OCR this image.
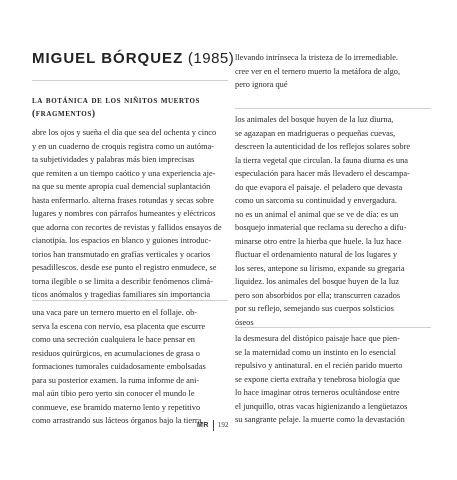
MIGUEL BÓRQUEZ (1985)
la botánica de los niñitos muertos
(fragmentos)

llevando intrínseca la tristeza de lo irremediable.
cree ver en el ternero muerto la metáfora de algo,
pero ignora qué

abre los ojos y sueña el día que sea del ochenta y cinco
y en un cuaderno de croquis registra como un autóma-
ta subjetividades y palabras más bien imprecisas
que remiten a un tiempo caótico y una experiencia aje-
na que su mente apropia cual demencial suplantación
hasta enfermarlo. alterna frases rotundas y secas sobre
lugares y nombres con párrafos humeantes y eléctricos
que adorna con recortes de revistas y fallidos ensayos de
cianotipia. los espacios en blanco y guiones introduc-
torios han transmutado en grafías verticales y ocarios
pesadillescos. desde ese punto el registro enmudece, se
torna ilegible o se limita a describir fenómenos climá-
ticos anómalos y tragedias familiares sin importancia

los animales del bosque huyen de la luz diurna,
se agazapan en madrigueras o pequeñas cuevas,
descreen la autenticidad de los reflejos solares sobre
la tierra vegetal que circulan. la fauna diurna es una
especulación para hacer más llevadero el descampa-
do que evapora el paisaje. el peladero que devasta
como un sarcoma su continuidad y envergadura.
no es un animal el animal que se ve de día: es un
bosquejo inmaterial que reclama su derecho a difu-
minarse otro entre la hierba que huele. la luz hace
fluctuar el ordenamiento natural de los lugares y
los seres, antepone su lirismo, expande su gregaria
liquidez. los animales del bosque huyen de la luz
pero son absorbidos por ella; transcurren cazados
por su reflejo, semejando sus cuerpos solsticios
óseos

una vaca pare un ternero muerto en el follaje. ob-
serva la escena con nervio, esa placenta que escurre
como una secreción cualquiera le hace pensar en
residuos quirúrgicos, en acumulaciones de grasa o
formaciones tumorales cuidadosamente embolsadas
para su posterior examen. la ruma informe de ani-
mal aún tibio pero yerto sin conocer el mundo le
conmueve, ese bramido materno lento y repetitivo
como arrastrando sus lácteos órganos bajo la tierra,

la desmesura del distópico paisaje hace que pien-
se la maternidad como un instinto en lo esencial
repulsivo y antinatural. en el recién parido muerto
se expone cierta extraña y tenebrosa biología que
lo hace imaginar otros terneros ocultándose entre
el junquillo, otras vacas higienizando a lengüetazos
su sangrante pelaje. la muerte como la devastación

MR 192
